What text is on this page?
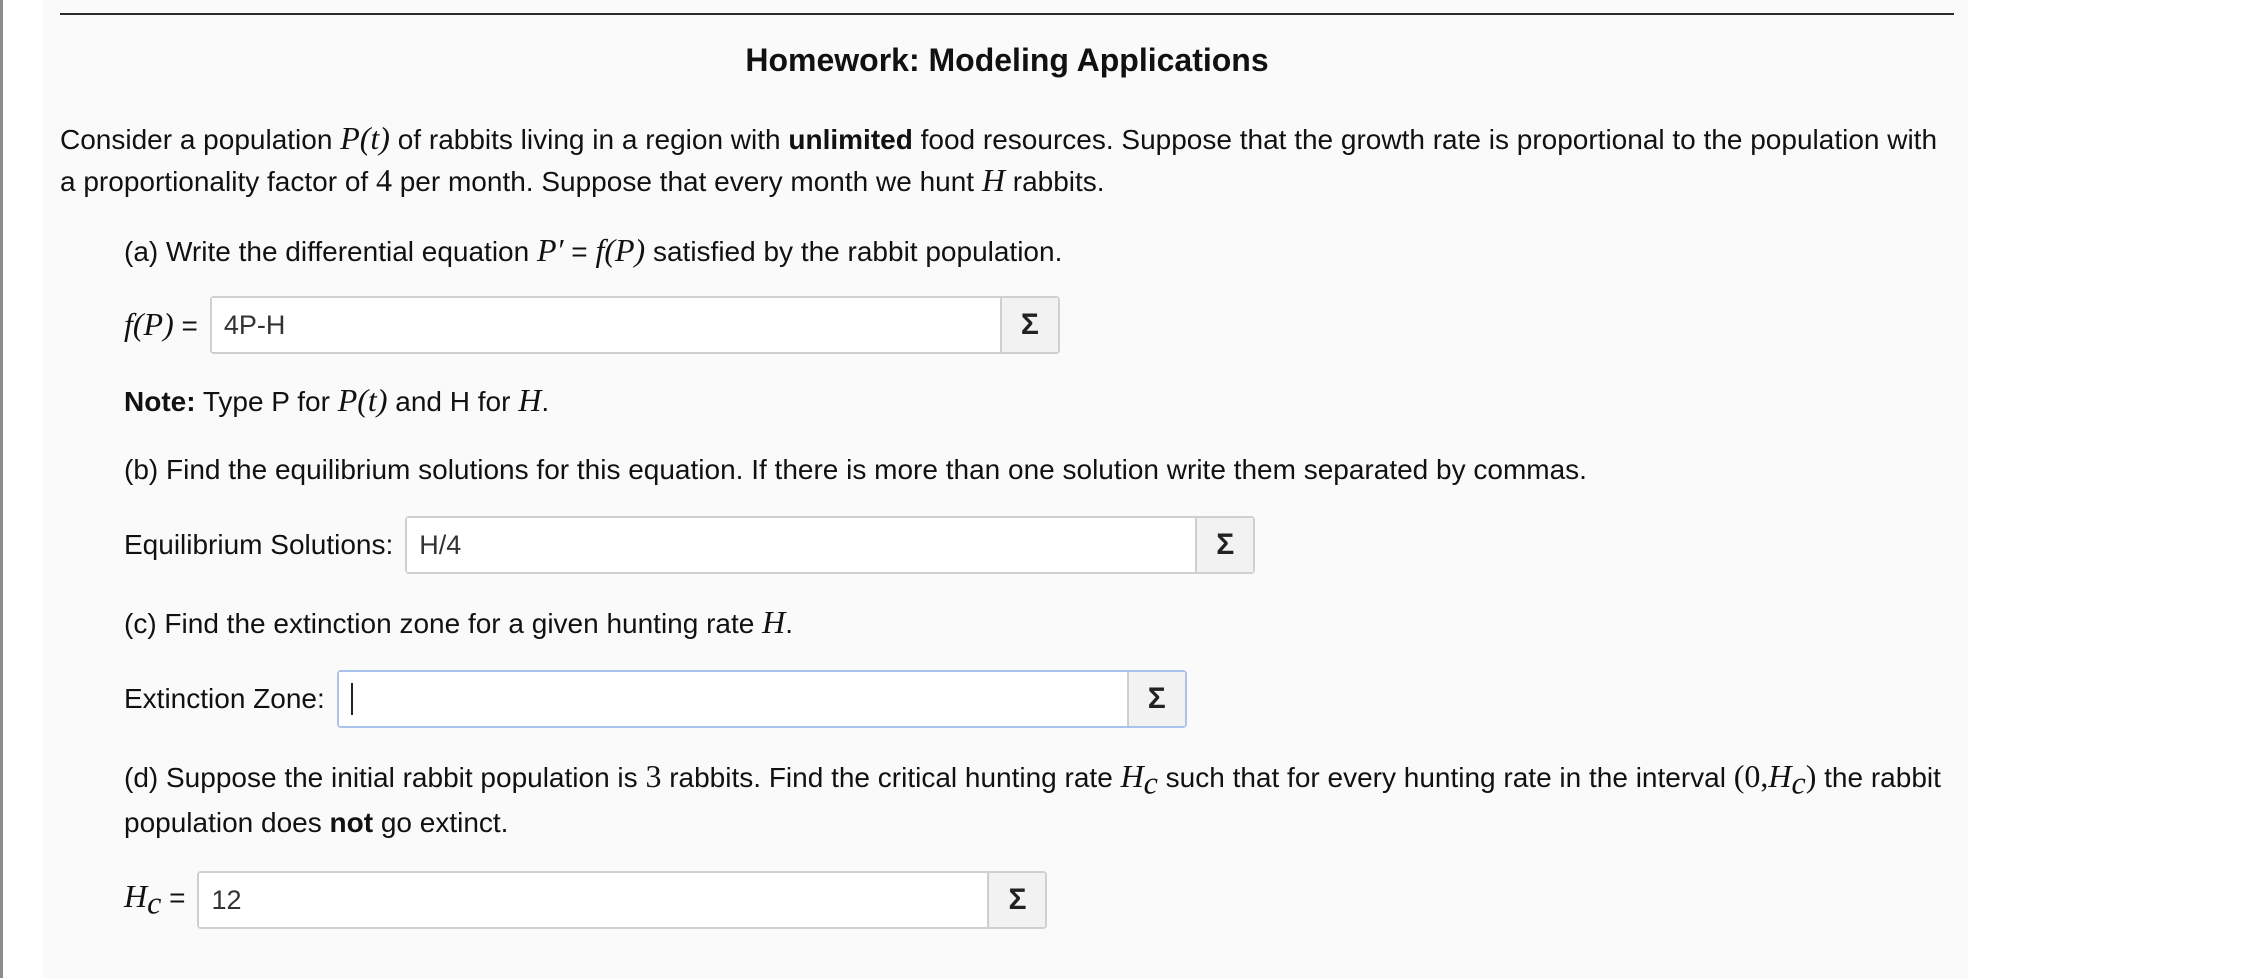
Homework: Modeling Applications

Consider a population P(t) of rabbits living in a region with unlimited food resources. Suppose that the growth rate is proportional to the population with a proportionality factor of 4 per month. Suppose that every month we hunt H rabbits.

(a) Write the differential equation P′ = f(P) satisfied by the rabbit population.

f(P) = 4P-H	Σ

Note: Type P for P(t) and H for H.

(b) Find the equilibrium solutions for this equation. If there is more than one solution write them separated by commas.

Equilibrium Solutions: H/4	Σ

(c) Find the extinction zone for a given hunting rate H.

Extinction Zone:	Σ

(d) Suppose the initial rabbit population is 3 rabbits. Find the critical hunting rate $H_c$ such that for every hunting rate in the interval $(0,H_c)$ the rabbit population does not go extinct.

$H_c = 12$	Σ
